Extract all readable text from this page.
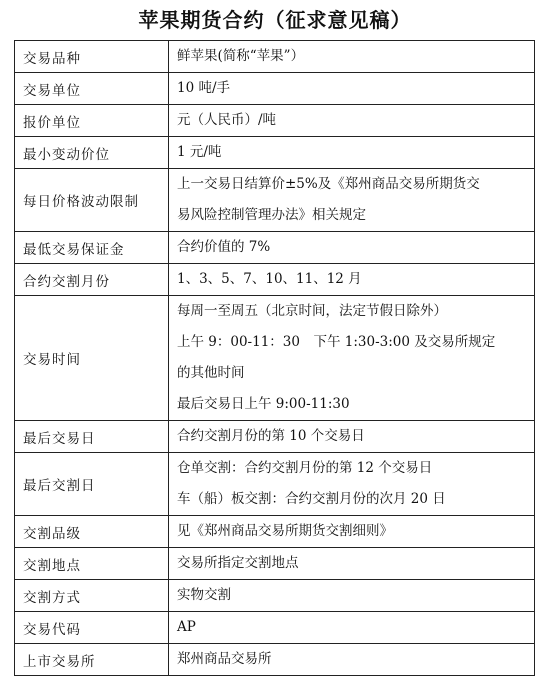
苹果期货合约（征求意见稿）
交易品种	鲜苹果(简称“苹果”）

交易单位	10 吨/手

报价单位	元（人民币）/吨

最小变动价位	1 元/吨

每日价格波动限制	上一交易日结算价±5%及《郑州商品交易所期货交
易风险控制管理办法》相关规定

最低交易保证金	合约价值的 7%

合约交割月份	1、3、5、7、10、11、12 月

交易时间	每周一至周五（北京时间，法定节假日除外）
上午 9：00-11：30　下午 1:30-3:00 及交易所规定
的其他时间
最后交易日上午 9:00-11:30

最后交易日	合约交割月份的第 10 个交易日

最后交割日	仓单交割：合约交割月份的第 12 个交易日
车（船）板交割：合约交割月份的次月 20 日

交割品级	见《郑州商品交易所期货交割细则》

交割地点	交易所指定交割地点

交割方式	实物交割

交易代码	AP

上市交易所	郑州商品交易所
